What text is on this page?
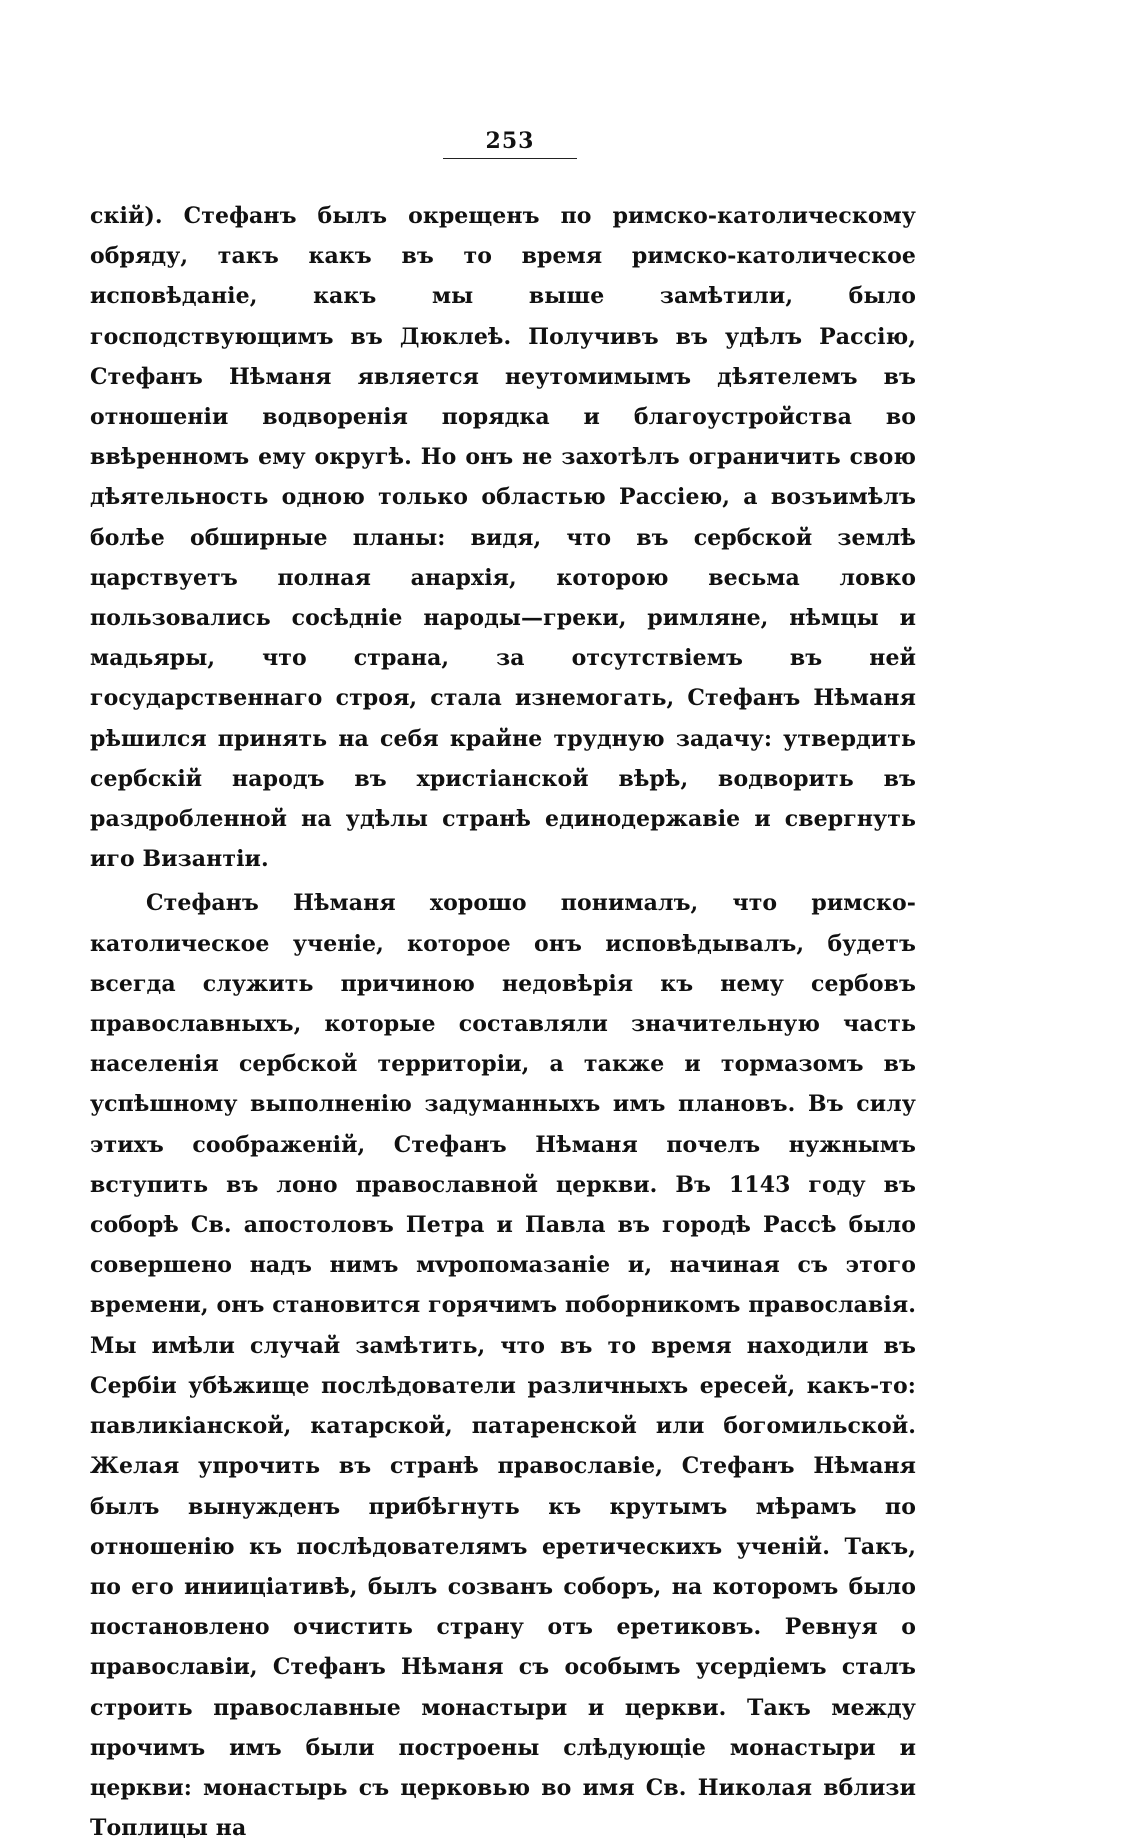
253

скій). Стефанъ былъ окрещенъ по римско-католическому обряду, такъ какъ въ то время римско-католическое исповѣданіе, какъ мы выше замѣтили, было господствующимъ въ Дюклеѣ. Получивъ въ удѣлъ Рассію, Стефанъ Нѣманя является неутомимымъ дѣятелемъ въ отношеніи водворенія порядка и благоустройства во ввѣренномъ ему округѣ. Но онъ не захотѣлъ ограничить свою дѣятельность одною только областью Рассіею, а возъимѣлъ болѣе обширные планы: видя, что въ сербской землѣ царствуетъ полная анархія, которою весьма ловко пользовались сосѣдніе народы—греки, римляне, нѣмцы и мадьяры, что страна, за отсутствіемъ въ ней государственнаго строя, стала изнемогать, Стефанъ Нѣманя рѣшился принять на себя крайне трудную задачу: утвердить сербскій народъ въ христіанской вѣрѣ, водворить въ раздробленной на удѣлы странѣ единодержавіе и свергнуть иго Византіи.

Стефанъ Нѣманя хорошо понималъ, что римско-католическое ученіе, которое онъ исповѣдывалъ, будетъ всегда служить причиною недовѣрія къ нему сербовъ православныхъ, которые составляли значительную часть населенія сербской территоріи, а также и тормазомъ въ успѣшному выполненію задуманныхъ имъ плановъ. Въ силу этихъ соображеній, Стефанъ Нѣманя почелъ нужнымъ вступить въ лоно православной церкви. Въ 1143 году въ соборѣ Св. апостоловъ Петра и Павла въ городѣ Рассѣ было совершено надъ нимъ мvропомазаніе и, начиная съ этого времени, онъ становится горячимъ поборникомъ православія. Мы имѣли случай замѣтить, что въ то время находили въ Сербіи убѣжище послѣдователи различныхъ ересей, какъ-то: павликіанской, катарской, патаренской или богомильской. Желая упрочить въ странѣ православіе, Стефанъ Нѣманя былъ вынужденъ прибѣгнуть къ крутымъ мѣрамъ по отношенію къ послѣдователямъ еретическихъ ученій. Такъ, по его инииціативѣ, былъ созванъ соборъ, на которомъ было постановлено очистить страну отъ еретиковъ. Ревнуя о православіи, Стефанъ Нѣманя съ особымъ усердіемъ сталъ строить православные монастыри и церкви. Такъ между прочимъ имъ были построены слѣдующіе монастыри и церкви: монастырь съ церковью во имя Св. Николая вблизи Топлицы на
